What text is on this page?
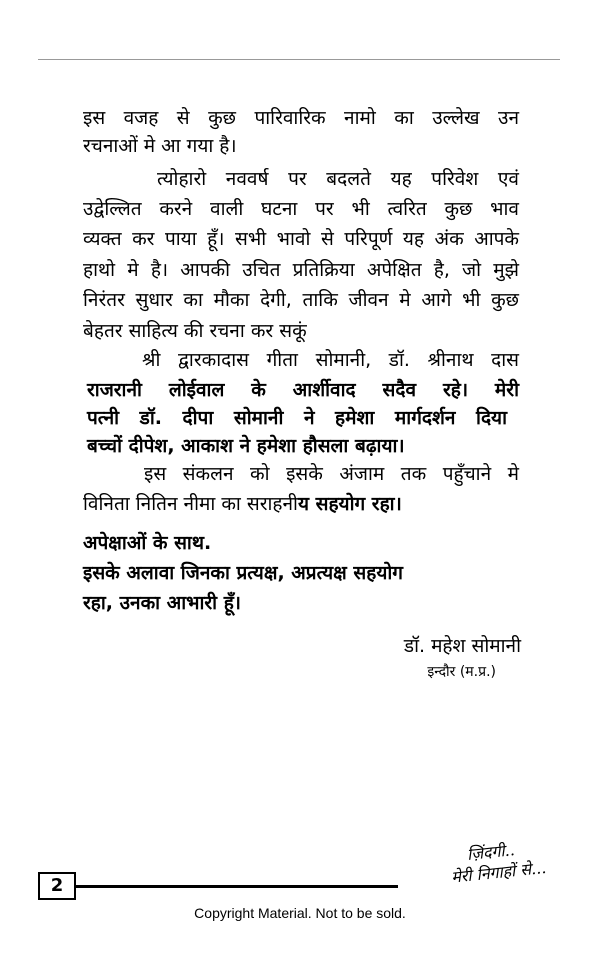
इस वजह से कुछ पारिवारिक नामो का उल्लेख उन
रचनाओं मे आ गया है।
त्योहारो नववर्ष पर बदलते यह परिवेश एवं
उद्वेल्लित करने वाली घटना पर भी त्वरित कुछ भाव
व्यक्त कर पाया हूँ। सभी भावो से परिपूर्ण यह अंक आपके
हाथो मे है। आपकी उचित प्रतिक्रिया अपेक्षित है, जो मुझे
निरंतर सुधार का मौका देगी, ताकि जीवन मे आगे भी कुछ
बेहतर साहित्य की रचना कर सकूं
श्री द्वारकादास गीता सोमानी, डॉ. श्रीनाथ दास
राजरानी लोईवाल के आर्शीवाद सदैव रहे। मेरी
पत्नी डॉ. दीपा सोमानी ने हमेशा मार्गदर्शन दिया
बच्चों दीपेश, आकाश ने हमेशा हौसला बढ़ाया।
इस संकलन को इसके अंजाम तक पहुँचाने मे
विनिता नितिन नीमा का सराहनीय सहयोग रहा।
अपेक्षाओं के साथ.
इसके अलावा जिनका प्रत्यक्ष, अप्रत्यक्ष सहयोग
रहा, उनका आभारी हूँ।
डॉ. महेश सोमानी
इन्दौर (म.प्र.)
2
ज़िंदगी..
मेरी निगाहों से...
Copyright Material. Not to be sold.
